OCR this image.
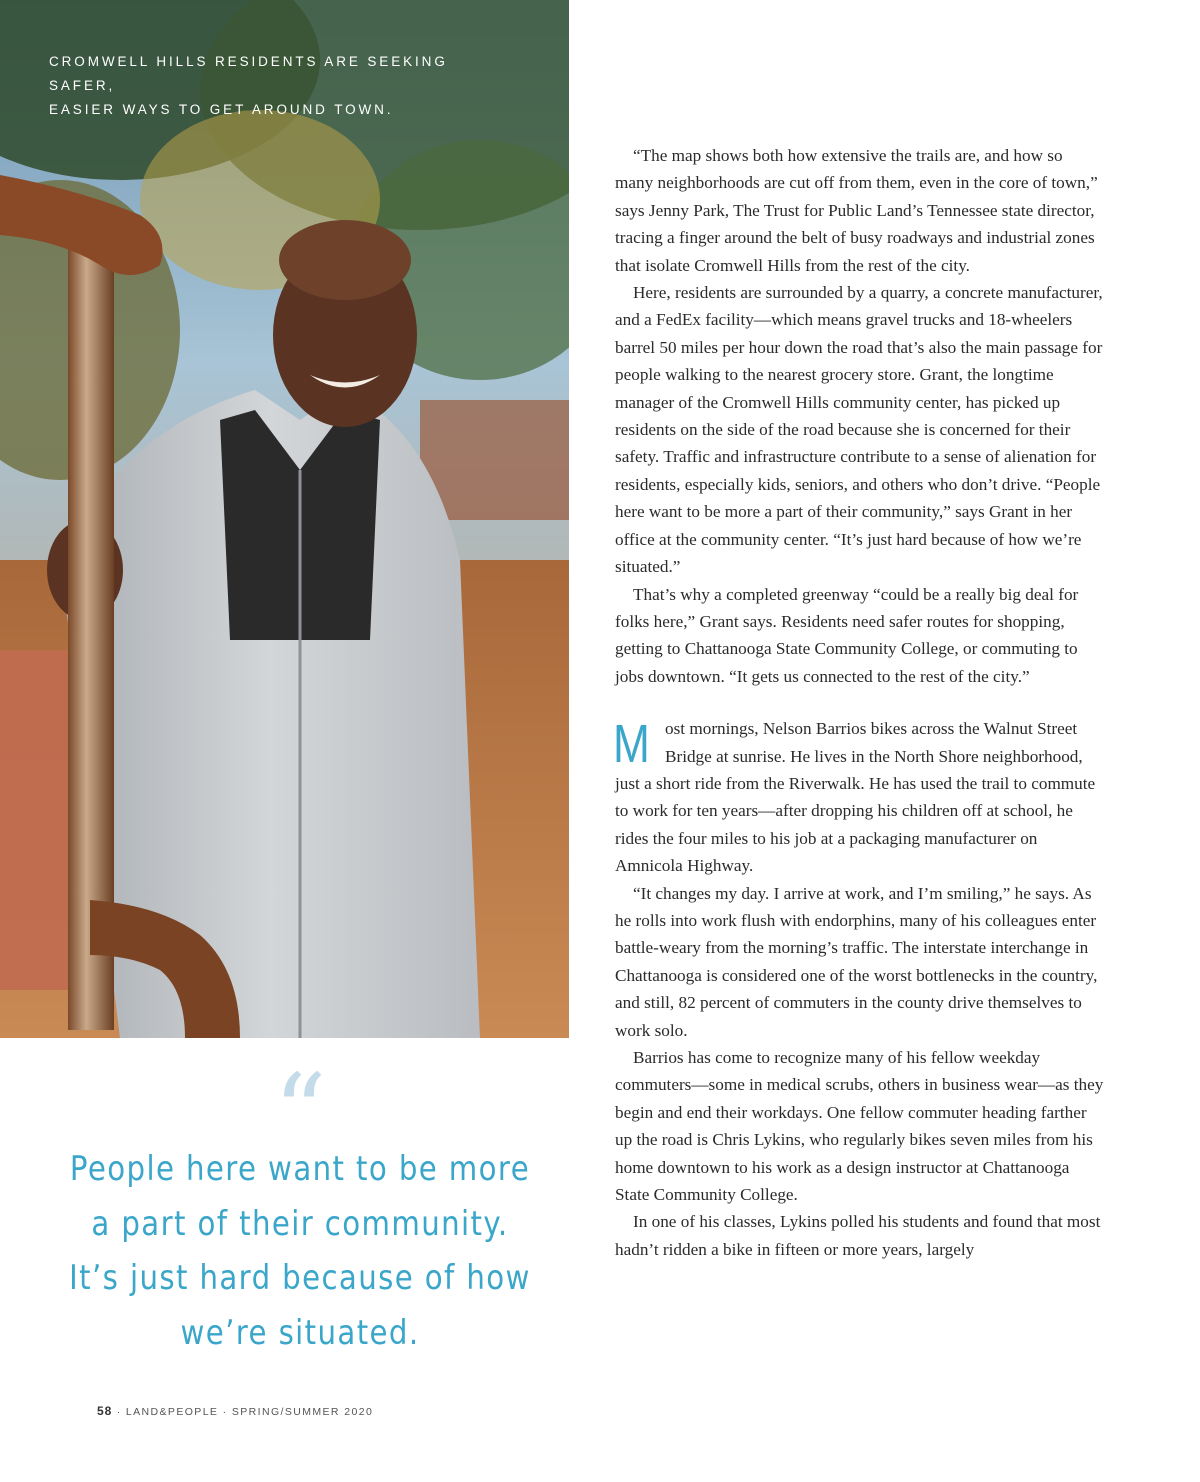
CROMWELL HILLS RESIDENTS ARE SEEKING SAFER,
EASIER WAYS TO GET AROUND TOWN.
“
People here want to be more
a part of their community.
It’s just hard because of how
we’re situated.

“The map shows both how extensive the trails are, and how so many neighborhoods are cut off from them, even in the core of town,” says Jenny Park, The Trust for Public Land’s Tennessee state director, tracing a finger around the belt of busy roadways and industrial zones that isolate Cromwell Hills from the rest of the city.

Here, residents are surrounded by a quarry, a concrete manufacturer, and a FedEx facility—which means gravel trucks and 18-wheelers barrel 50 miles per hour down the road that’s also the main passage for people walking to the nearest grocery store. Grant, the longtime manager of the Cromwell Hills community center, has picked up residents on the side of the road because she is concerned for their safety. Traffic and infrastructure contribute to a sense of alienation for residents, especially kids, seniors, and others who don’t drive. “People here want to be more a part of their community,” says Grant in her office at the community center. “It’s just hard because of how we’re situated.”

That’s why a completed greenway “could be a really big deal for folks here,” Grant says. Residents need safer routes for shopping, getting to Chattanooga State Community College, or commuting to jobs downtown. “It gets us connected to the rest of the city.”

Most mornings, Nelson Barrios bikes across the Walnut Street Bridge at sunrise. He lives in the North Shore neighborhood, just a short ride from the Riverwalk. He has used the trail to commute to work for ten years—after dropping his children off at school, he rides the four miles to his job at a packaging manufacturer on Amnicola Highway.

“It changes my day. I arrive at work, and I’m smiling,” he says. As he rolls into work flush with endorphins, many of his colleagues enter battle-weary from the morning’s traffic. The interstate interchange in Chattanooga is considered one of the worst bottlenecks in the country, and still, 82 percent of commuters in the county drive themselves to work solo.

Barrios has come to recognize many of his fellow weekday commuters—some in medical scrubs, others in business wear—as they begin and end their workdays. One fellow commuter heading farther up the road is Chris Lykins, who regularly bikes seven miles from his home downtown to his work as a design instructor at Chattanooga State Community College.

In one of his classes, Lykins polled his students and found that most hadn’t ridden a bike in fifteen or more years, largely

58 · LAND&PEOPLE · SPRING/SUMMER 2020
